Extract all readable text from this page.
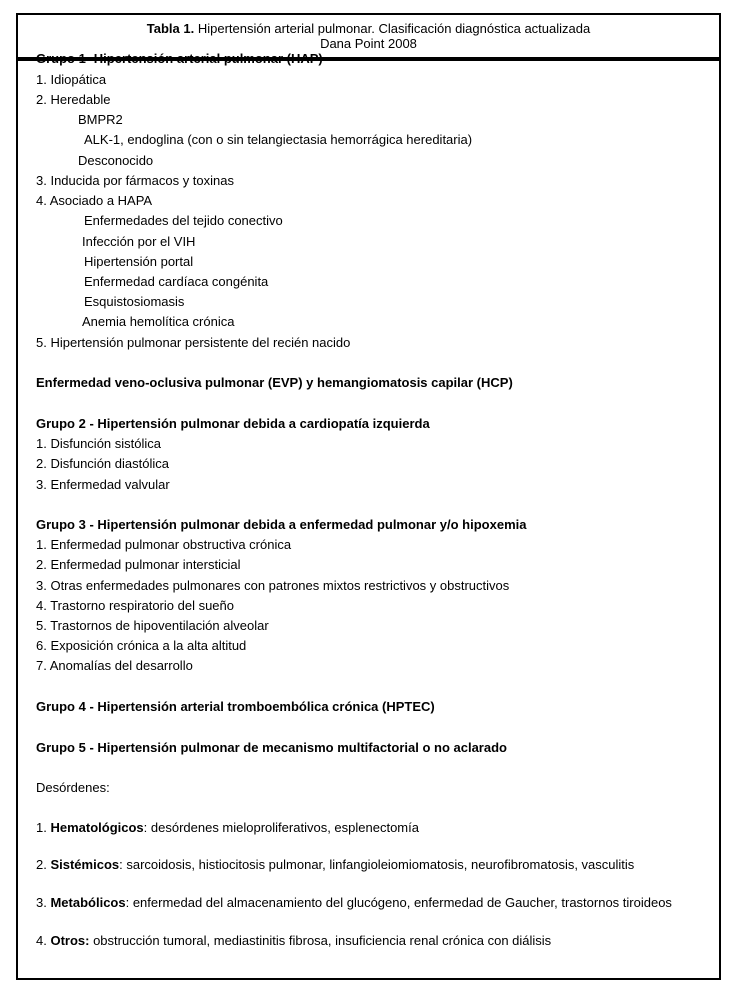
Tabla 1. Hipertensión arterial pulmonar. Clasificación diagnóstica actualizada
Dana Point 2008
Grupo 1- Hipertensión arterial pulmonar (HAP)
1. Idiopática
2. Heredable
BMPR2
ALK-1, endoglina (con o sin telangiectasia hemorrágica hereditaria)
Desconocido
3. Inducida por fármacos y toxinas
4. Asociado a HAPA
Enfermedades del tejido conectivo
Infección por el VIH
Hipertensión portal
Enfermedad cardíaca congénita
Esquistosiomasis
Anemia hemolítica crónica
5. Hipertensión pulmonar persistente del recién nacido
Enfermedad veno-oclusiva pulmonar (EVP) y hemangiomatosis capilar (HCP)
Grupo 2 - Hipertensión pulmonar debida a cardiopatía izquierda
1. Disfunción sistólica
2. Disfunción diastólica
3. Enfermedad valvular
Grupo 3 - Hipertensión pulmonar debida a enfermedad pulmonar y/o hipoxemia
1. Enfermedad pulmonar obstructiva crónica
2. Enfermedad pulmonar intersticial
3. Otras enfermedades pulmonares con patrones mixtos restrictivos y obstructivos
4. Trastorno respiratorio del sueño
5. Trastornos de hipoventilación alveolar
6. Exposición crónica a la alta altitud
7. Anomalías del desarrollo
Grupo 4 - Hipertensión arterial tromboembólica crónica (HPTEC)
Grupo 5 - Hipertensión pulmonar de mecanismo multifactorial o no aclarado
Desórdenes:
1. Hematológicos: desórdenes mieloproliferativos, esplenectomía
2. Sistémicos: sarcoidosis, histiocitosis pulmonar, linfangioleiomiomatosis, neurofibromatosis, vasculitis
3. Metabólicos: enfermedad del almacenamiento del glucógeno, enfermedad de Gaucher, trastornos tiroideos
4. Otros: obstrucción tumoral, mediastinitis fibrosa, insuficiencia renal crónica con diálisis
